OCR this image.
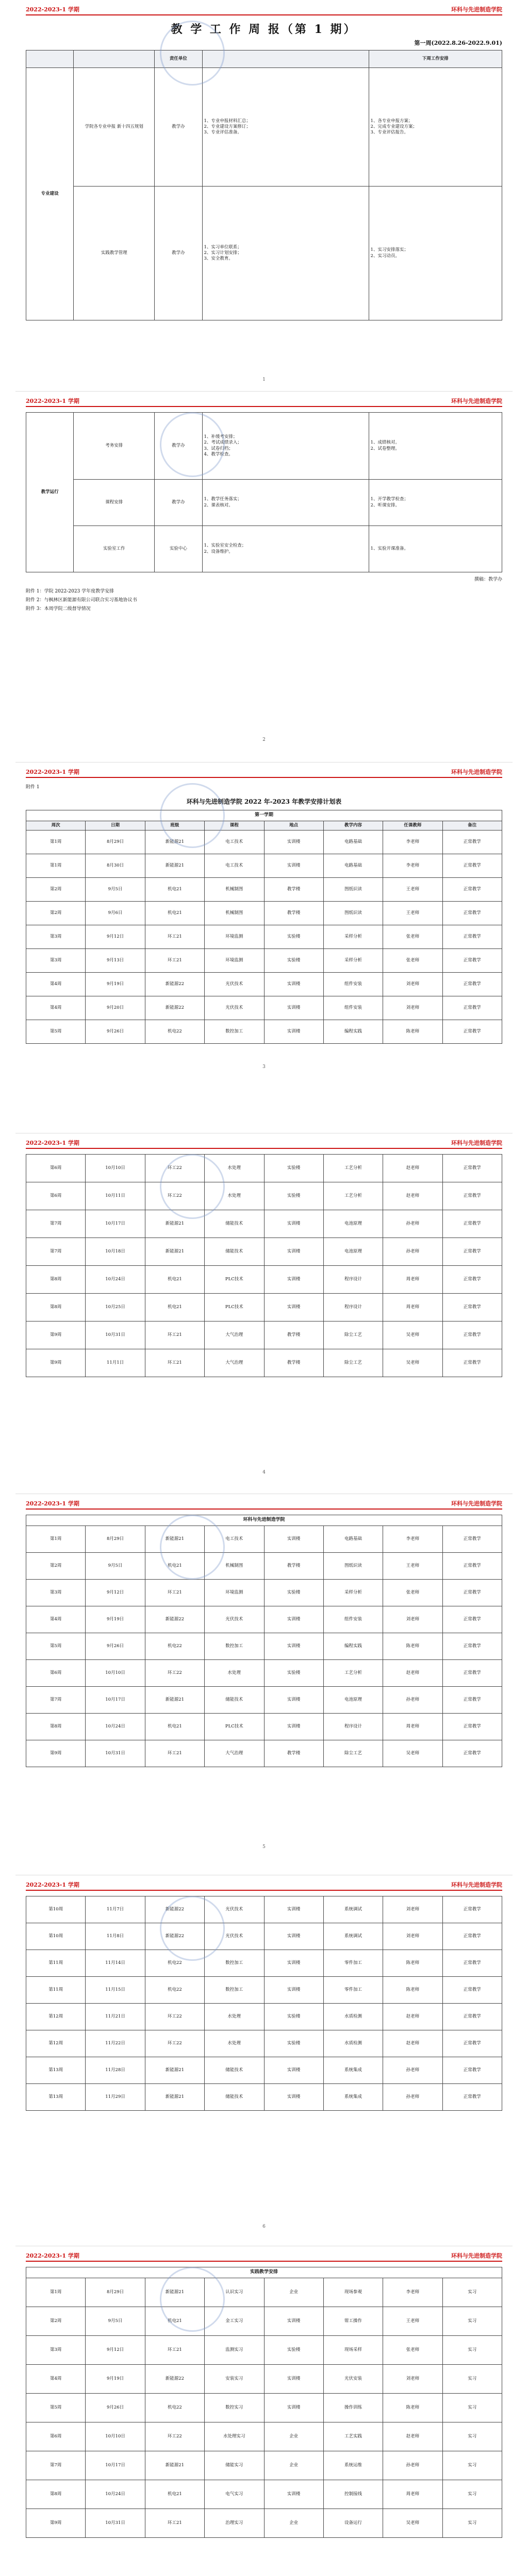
2022-2023-1 学期	环科与先进制造学院
教 学 工 作 周 报（第 1 期）
第一周(2022.8.26-2022.9.01)
		责任单位		下周工作安排
专业建设	学院各专业申报 新十四五规划	教学办	1、专业申报材料汇总；
2、专业建设方案修订；
3、专业评估准备。	1、各专业申报方案；
2、完成专业建设方案；
3、专业评估报告。
	实践教学管理	教学办	1、实习单位联系；
2、实习计划安排；
3、安全教育。	1、实习安排落实；
2、实习动员。
1
2022-2023-1 学期	环科与先进制造学院
教学运行	考务安排	教学办	1、补缓考安排；
2、考试成绩录入；
3、试卷归档；
4、教学检查。	1、成绩核对。
2、试卷整理。
	课程安排	教学办	1、教学任务落实；
2、课表核对。	1、开学教学检查；
2、听课安排。
	实验室工作	实验中心	1、实验室安全检查；
2、设备维护。	1、实验开课准备。
撰稿：教学办
附件 1：学院 2022-2023 学年度教学安排
附件 2：与枫林区新能源有限公司联合实习基地协议书
附件 3：本周学院二级督导情况
2
2022-2023-1 学期	环科与先进制造学院
附件 1
环科与先进制造学院 2022 年-2023 年教学安排计划表
第一学期							
周次	日期	班级	课程	地点	教学内容	任课教师	备注
第1周	8月29日	新能源21	电工技术	实训楼	电路基础	李老师	正常教学
第1周	8月30日	新能源21	电工技术	实训楼	电路基础	李老师	正常教学
第2周	9月5日	机电21	机械制图	教学楼	图纸识读	王老师	正常教学
第2周	9月6日	机电21	机械制图	教学楼	图纸识读	王老师	正常教学
第3周	9月12日	环工21	环境监测	实验楼	采样分析	张老师	正常教学
第3周	9月13日	环工21	环境监测	实验楼	采样分析	张老师	正常教学
第4周	9月19日	新能源22	光伏技术	实训楼	组件安装	刘老师	正常教学
第4周	9月20日	新能源22	光伏技术	实训楼	组件安装	刘老师	正常教学
第5周	9月26日	机电22	数控加工	实训楼	编程实践	陈老师	正常教学
3
2022-2023-1 学期	环科与先进制造学院
第6周	10月10日	环工22	水处理	实验楼	工艺分析	赵老师	正常教学
第6周	10月11日	环工22	水处理	实验楼	工艺分析	赵老师	正常教学
第7周	10月17日	新能源21	储能技术	实训楼	电池原理	孙老师	正常教学
第7周	10月18日	新能源21	储能技术	实训楼	电池原理	孙老师	正常教学
第8周	10月24日	机电21	PLC技术	实训楼	程序设计	周老师	正常教学
第8周	10月25日	机电21	PLC技术	实训楼	程序设计	周老师	正常教学
第9周	10月31日	环工21	大气治理	教学楼	除尘工艺	吴老师	正常教学
第9周	11月1日	环工21	大气治理	教学楼	除尘工艺	吴老师	正常教学
4
2022-2023-1 学期	环科与先进制造学院
环科与先进制造学院							
第1周	8月29日	新能源21	电工技术	实训楼	电路基础	李老师	正常教学
第2周	9月5日	机电21	机械制图	教学楼	图纸识读	王老师	正常教学
第3周	9月12日	环工21	环境监测	实验楼	采样分析	张老师	正常教学
第4周	9月19日	新能源22	光伏技术	实训楼	组件安装	刘老师	正常教学
第5周	9月26日	机电22	数控加工	实训楼	编程实践	陈老师	正常教学
第6周	10月10日	环工22	水处理	实验楼	工艺分析	赵老师	正常教学
第7周	10月17日	新能源21	储能技术	实训楼	电池原理	孙老师	正常教学
第8周	10月24日	机电21	PLC技术	实训楼	程序设计	周老师	正常教学
第9周	10月31日	环工21	大气治理	教学楼	除尘工艺	吴老师	正常教学
5
2022-2023-1 学期	环科与先进制造学院
第10周	11月7日	新能源22	光伏技术	实训楼	系统调试	刘老师	正常教学
第10周	11月8日	新能源22	光伏技术	实训楼	系统调试	刘老师	正常教学
第11周	11月14日	机电22	数控加工	实训楼	零件加工	陈老师	正常教学
第11周	11月15日	机电22	数控加工	实训楼	零件加工	陈老师	正常教学
第12周	11月21日	环工22	水处理	实验楼	水质检测	赵老师	正常教学
第12周	11月22日	环工22	水处理	实验楼	水质检测	赵老师	正常教学
第13周	11月28日	新能源21	储能技术	实训楼	系统集成	孙老师	正常教学
第13周	11月29日	新能源21	储能技术	实训楼	系统集成	孙老师	正常教学
6
2022-2023-1 学期	环科与先进制造学院
实践教学安排							
第1周	8月29日	新能源21	认识实习	企业	现场参观	李老师	实习
第2周	9月5日	机电21	金工实习	实训楼	钳工操作	王老师	实习
第3周	9月12日	环工21	监测实习	实验楼	现场采样	张老师	实习
第4周	9月19日	新能源22	安装实习	实训楼	光伏安装	刘老师	实习
第5周	9月26日	机电22	数控实习	实训楼	操作训练	陈老师	实习
第6周	10月10日	环工22	水处理实习	企业	工艺实践	赵老师	实习
第7周	10月17日	新能源21	储能实习	企业	系统运维	孙老师	实习
第8周	10月24日	机电21	电气实习	实训楼	控制接线	周老师	实习
第9周	10月31日	环工21	治理实习	企业	设备运行	吴老师	实习
